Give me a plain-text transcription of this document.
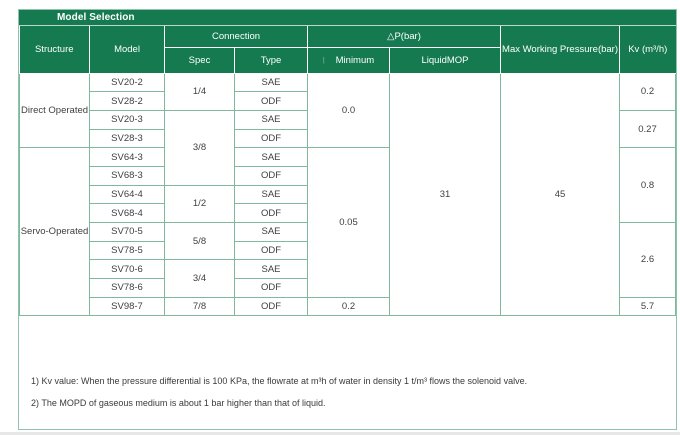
Model Selection
Structure	Model	Connection		△P(bar)		Max Working Pressure(bar)	Kv (m³/h)
		Spec	Type	| Minimum	LiquidMOP		
Direct Operated	SV20-2	1/4	SAE	0.0	31	45	0.2
	SV28-2		ODF				
	SV20-3	3/8	SAE				0.27
	SV28-3		ODF				
Servo-Operated	SV64-3		SAE	0.05			0.8
	SV68-3		ODF				
	SV64-4	1/2	SAE				
	SV68-4		ODF				
	SV70-5	5/8	SAE				2.6
	SV78-5		ODF				
	SV70-6	3/4	SAE				
	SV78-6		ODF				
	SV98-7	7/8	ODF	0.2			5.7
1) Kv value: When the pressure differential is 100 KPa, the flowrate at m³h of water in density 1 t/m³ flows the solenoid valve.
2) The MOPD of gaseous medium is about 1 bar higher than that of liquid.
